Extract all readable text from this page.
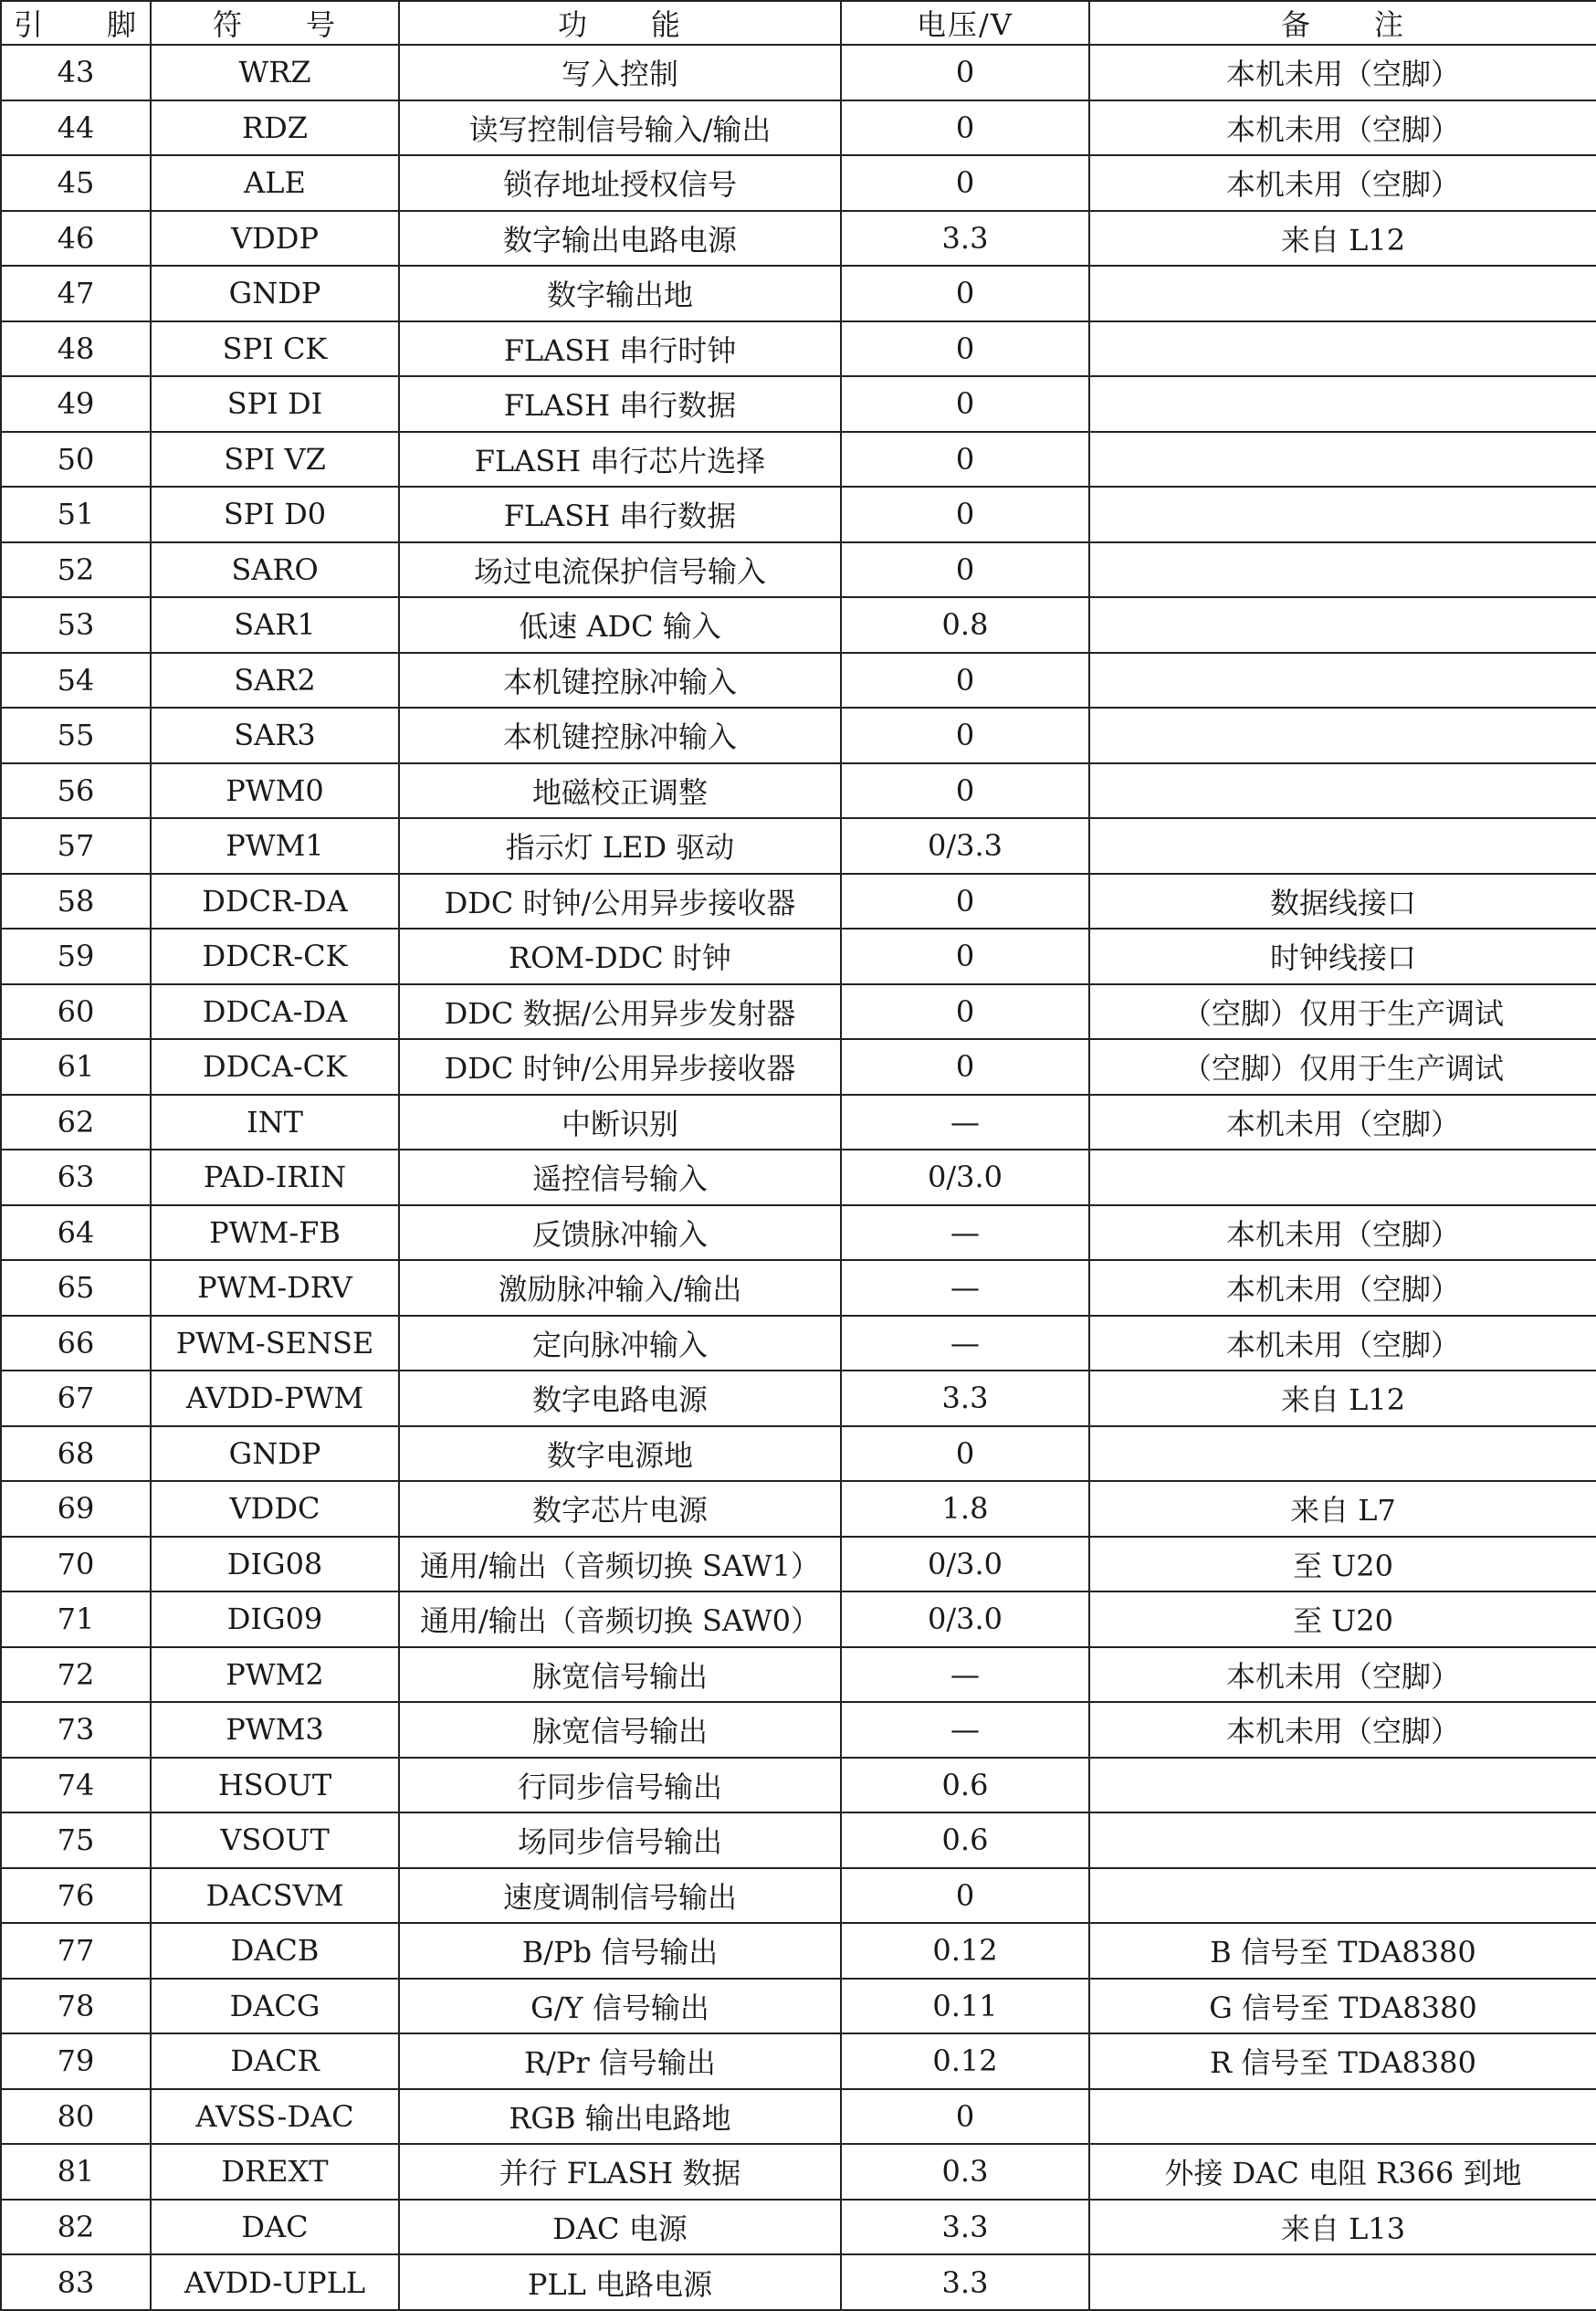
引　　脚	符　　号	功　　能	电压/V	备　　注
43	WRZ	写入控制	0	本机未用（空脚）
44	RDZ	读写控制信号输入/输出	0	本机未用（空脚）
45	ALE	锁存地址授权信号	0	本机未用（空脚）
46	VDDP	数字输出电路电源	3.3	来自 L12
47	GNDP	数字输出地	0	
48	SPI CK	FLASH 串行时钟	0	
49	SPI DI	FLASH 串行数据	0	
50	SPI VZ	FLASH 串行芯片选择	0	
51	SPI D0	FLASH 串行数据	0	
52	SARO	场过电流保护信号输入	0	
53	SAR1	低速 ADC 输入	0.8	
54	SAR2	本机键控脉冲输入	0	
55	SAR3	本机键控脉冲输入	0	
56	PWM0	地磁校正调整	0	
57	PWM1	指示灯 LED 驱动	0/3.3	
58	DDCR-DA	DDC 时钟/公用异步接收器	0	数据线接口
59	DDCR-CK	ROM-DDC 时钟	0	时钟线接口
60	DDCA-DA	DDC 数据/公用异步发射器	0	（空脚）仅用于生产调试
61	DDCA-CK	DDC 时钟/公用异步接收器	0	（空脚）仅用于生产调试
62	INT	中断识别	—	本机未用（空脚）
63	PAD-IRIN	遥控信号输入	0/3.0	
64	PWM-FB	反馈脉冲输入	—	本机未用（空脚）
65	PWM-DRV	激励脉冲输入/输出	—	本机未用（空脚）
66	PWM-SENSE	定向脉冲输入	—	本机未用（空脚）
67	AVDD-PWM	数字电路电源	3.3	来自 L12
68	GNDP	数字电源地	0	
69	VDDC	数字芯片电源	1.8	来自 L7
70	DIG08	通用/输出（音频切换 SAW1）	0/3.0	至 U20
71	DIG09	通用/输出（音频切换 SAW0）	0/3.0	至 U20
72	PWM2	脉宽信号输出	—	本机未用（空脚）
73	PWM3	脉宽信号输出	—	本机未用（空脚）
74	HSOUT	行同步信号输出	0.6	
75	VSOUT	场同步信号输出	0.6	
76	DACSVM	速度调制信号输出	0	
77	DACB	B/Pb 信号输出	0.12	B 信号至 TDA8380
78	DACG	G/Y 信号输出	0.11	G 信号至 TDA8380
79	DACR	R/Pr 信号输出	0.12	R 信号至 TDA8380
80	AVSS-DAC	RGB 输出电路地	0	
81	DREXT	并行 FLASH 数据	0.3	外接 DAC 电阻 R366 到地
82	DAC	DAC 电源	3.3	来自 L13
83	AVDD-UPLL	PLL 电路电源	3.3	
